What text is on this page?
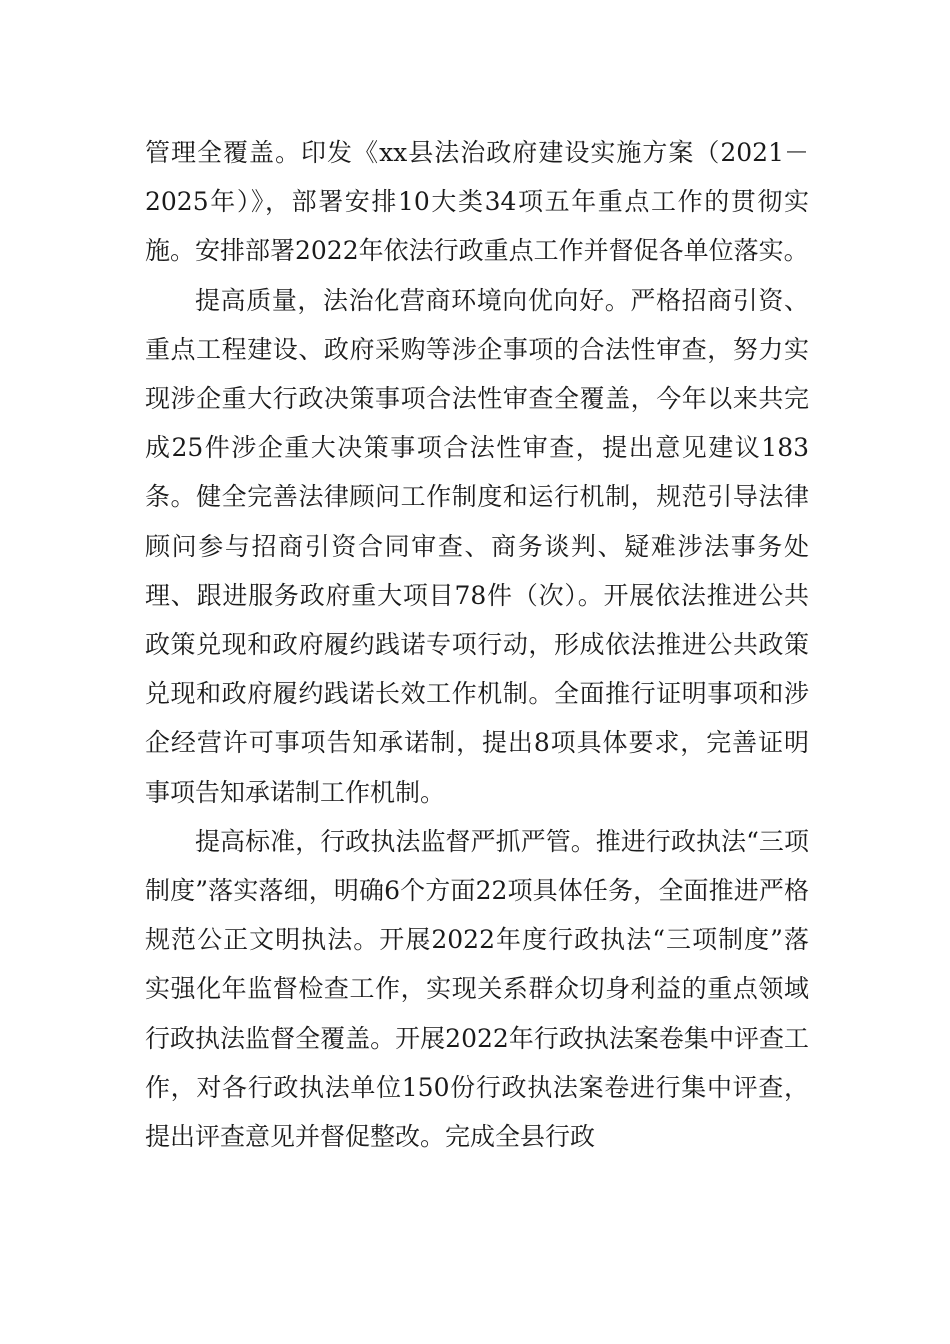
管理全覆盖。印发《xx县法治政府建设实施方案（2021－2025年）》，部署安排10大类34项五年重点工作的贯彻实施。安排部署2022年依法行政重点工作并督促各单位落实。

提高质量，法治化营商环境向优向好。严格招商引资、重点工程建设、政府采购等涉企事项的合法性审查，努力实现涉企重大行政决策事项合法性审查全覆盖，今年以来共完成25件涉企重大决策事项合法性审查，提出意见建议183条。健全完善法律顾问工作制度和运行机制，规范引导法律顾问参与招商引资合同审查、商务谈判、疑难涉法事务处理、跟进服务政府重大项目78件（次）。开展依法推进公共政策兑现和政府履约践诺专项行动，形成依法推进公共政策兑现和政府履约践诺长效工作机制。全面推行证明事项和涉企经营许可事项告知承诺制，提出8项具体要求，完善证明事项告知承诺制工作机制。

提高标准，行政执法监督严抓严管。推进行政执法“三项制度”落实落细，明确6个方面22项具体任务，全面推进严格规范公正文明执法。开展2022年度行政执法“三项制度”落实强化年监督检查工作，实现关系群众切身利益的重点领域行政执法监督全覆盖。开展2022年行政执法案卷集中评查工作，对各行政执法单位150份行政执法案卷进行集中评查，提出评查意见并督促整改。完成全县行政
